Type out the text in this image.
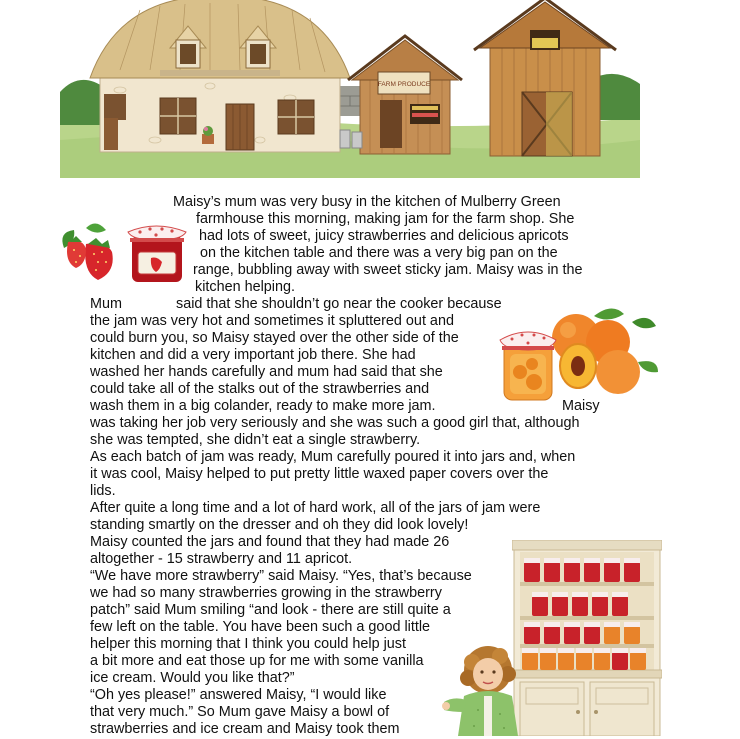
FARM PRODUCE
Maisy’s mum was very busy in the kitchen of Mulberry Green
farmhouse this morning, making jam for the farm shop. She
had lots of sweet, juicy strawberries and delicious apricots
on the kitchen table and there was a very big pan on the
range, bubbling away with sweet sticky jam. Maisy was in the
kitchen helping.
Mum	said that she shouldn’t go near the cooker because
the jam was very hot and sometimes it spluttered out and
could burn you, so Maisy stayed over the other side of the
kitchen and did a very important job there. She had
washed her hands carefully and mum had said that she
could take all of the stalks out of the strawberries and
wash them in a big colander, ready to make more jam.	Maisy
was taking her job very seriously and she was such a good girl that, although
she was tempted, she didn’t eat a single strawberry.
As each batch of jam was ready, Mum carefully poured it into jars and, when
it was cool, Maisy helped to put pretty little waxed paper covers over the
lids.
After quite a long time and a lot of hard work, all of the jars of jam were
standing smartly on the dresser and oh they did look lovely!
Maisy counted the jars and found that they had made 26
altogether - 15 strawberry and 11 apricot.
“We have more strawberry” said Maisy. “Yes, that’s because
we had so many strawberries growing in the strawberry
patch” said Mum smiling “and look - there are still quite a
few left on the table. You have been such a good little
helper this morning that I think you could help just
a bit more and eat those up for me with some vanilla
ice cream. Would you like that?”
“Oh yes please!” answered Maisy, “I would like
that very much.” So Mum gave Maisy a bowl of
strawberries and ice cream and Maisy took them
